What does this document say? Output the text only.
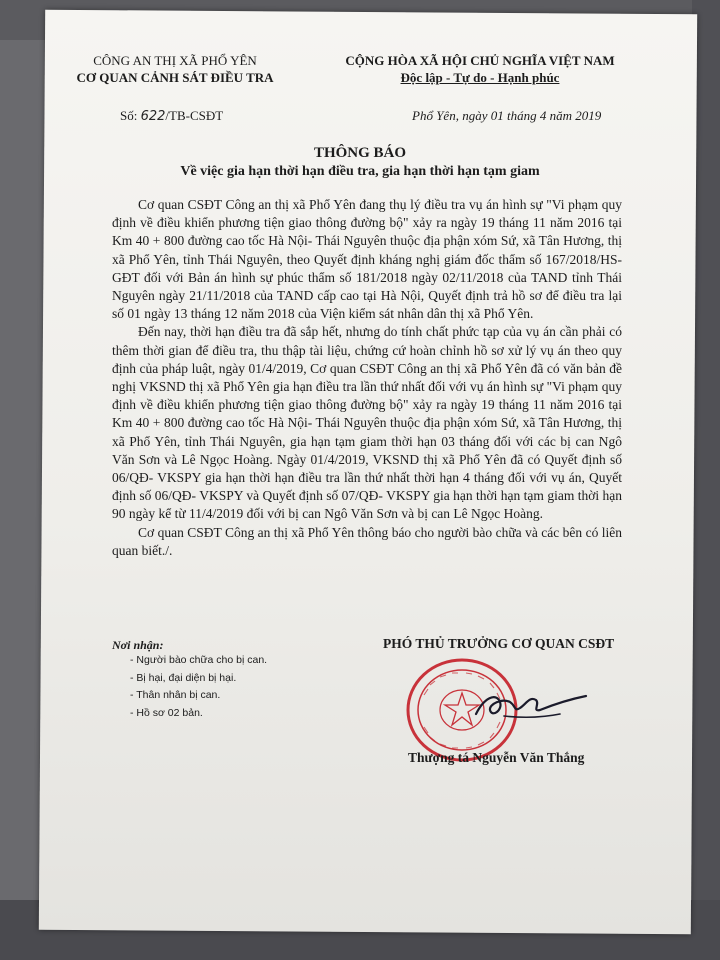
CÔNG AN THỊ XÃ PHỔ YÊN
CƠ QUAN CẢNH SÁT ĐIỀU TRA
CỘNG HÒA XÃ HỘI CHỦ NGHĨA VIỆT NAM
Độc lập - Tự do - Hạnh phúc
Số: 622/TB-CSĐT	Phổ Yên, ngày 01 tháng 4 năm 2019
THÔNG BÁO
Về việc gia hạn thời hạn điều tra, gia hạn thời hạn tạm giam

Cơ quan CSĐT Công an thị xã Phổ Yên đang thụ lý điều tra vụ án hình sự "Vi phạm quy định về điều khiển phương tiện giao thông đường bộ" xảy ra ngày 19 tháng 11 năm 2016 tại Km 40 + 800 đường cao tốc Hà Nội- Thái Nguyên thuộc địa phận xóm Sứ, xã Tân Hương, thị xã Phổ Yên, tỉnh Thái Nguyên, theo Quyết định kháng nghị giám đốc thẩm số 167/2018/HS- GĐT đối với Bản án hình sự phúc thẩm số 181/2018 ngày 02/11/2018 của TAND tỉnh Thái Nguyên ngày 21/11/2018 của TAND cấp cao tại Hà Nội, Quyết định trả hồ sơ để điều tra lại số 01 ngày 13 tháng 12 năm 2018 của Viện kiểm sát nhân dân thị xã Phổ Yên.

Đến nay, thời hạn điều tra đã sắp hết, nhưng do tính chất phức tạp của vụ án cần phải có thêm thời gian để điều tra, thu thập tài liệu, chứng cứ hoàn chỉnh hồ sơ xử lý vụ án theo quy định của pháp luật, ngày 01/4/2019, Cơ quan CSĐT Công an thị xã Phổ Yên đã có văn bản đề nghị VKSND thị xã Phổ Yên gia hạn điều tra lần thứ nhất đối với vụ án hình sự "Vi phạm quy định về điều khiển phương tiện giao thông đường bộ" xảy ra ngày 19 tháng 11 năm 2016 tại Km 40 + 800 đường cao tốc Hà Nội- Thái Nguyên thuộc địa phận xóm Sứ, xã Tân Hương, thị xã Phổ Yên, tỉnh Thái Nguyên, gia hạn tạm giam thời hạn 03 tháng đối với các bị can Ngô Văn Sơn và Lê Ngọc Hoàng. Ngày 01/4/2019, VKSND thị xã Phổ Yên đã có Quyết định số 06/QĐ- VKSPY gia hạn thời hạn điều tra lần thứ nhất thời hạn 4 tháng đối với vụ án, Quyết định số 06/QĐ- VKSPY và Quyết định số 07/QĐ- VKSPY gia hạn thời hạn tạm giam thời hạn 90 ngày kể từ 11/4/2019 đối với bị can Ngô Văn Sơn và bị can Lê Ngọc Hoàng.

Cơ quan CSĐT Công an thị xã Phổ Yên thông báo cho người bào chữa và các bên có liên quan biết./.

Nơi nhận:
- Người bào chữa cho bị can.
- Bị hại, đại diện bị hại.
- Thân nhân bị can.
- Hồ sơ 02 bản.
PHÓ THỦ TRƯỞNG CƠ QUAN CSĐT
Thượng tá Nguyễn Văn Thắng
